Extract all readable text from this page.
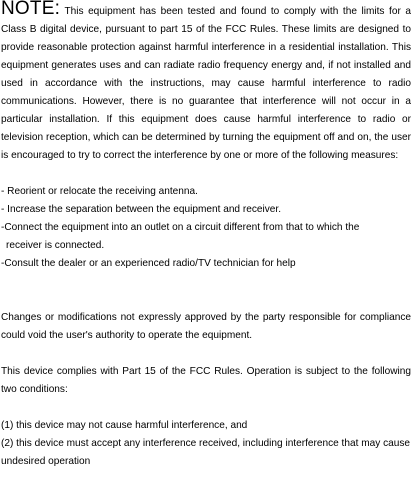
NOTE: This equipment has been tested and found to comply with the limits for a Class B digital device, pursuant to part 15 of the FCC Rules. These limits are designed to provide reasonable protection against harmful interference in a residential installation. This equipment generates uses and can radiate radio frequency energy and, if not installed and used in accordance with the instructions, may cause harmful interference to radio communications. However, there is no guarantee that interference will not occur in a particular installation. If this equipment does cause harmful interference to radio or television reception, which can be determined by turning the equipment off and on, the user is encouraged to try to correct the interference by one or more of the following measures:

- Reorient or relocate the receiving antenna.

- Increase the separation between the equipment and receiver.

-Connect the equipment into an outlet on a circuit different from that to which the

receiver is connected.

-Consult the dealer or an experienced radio/TV technician for help

Changes or modifications not expressly approved by the party responsible for compliance could void the user's authority to operate the equipment.

This device complies with Part 15 of the FCC Rules. Operation is subject to the following two conditions:

(1) this device may not cause harmful interference, and

(2) this device must accept any interference received, including interference that may cause undesired operation
